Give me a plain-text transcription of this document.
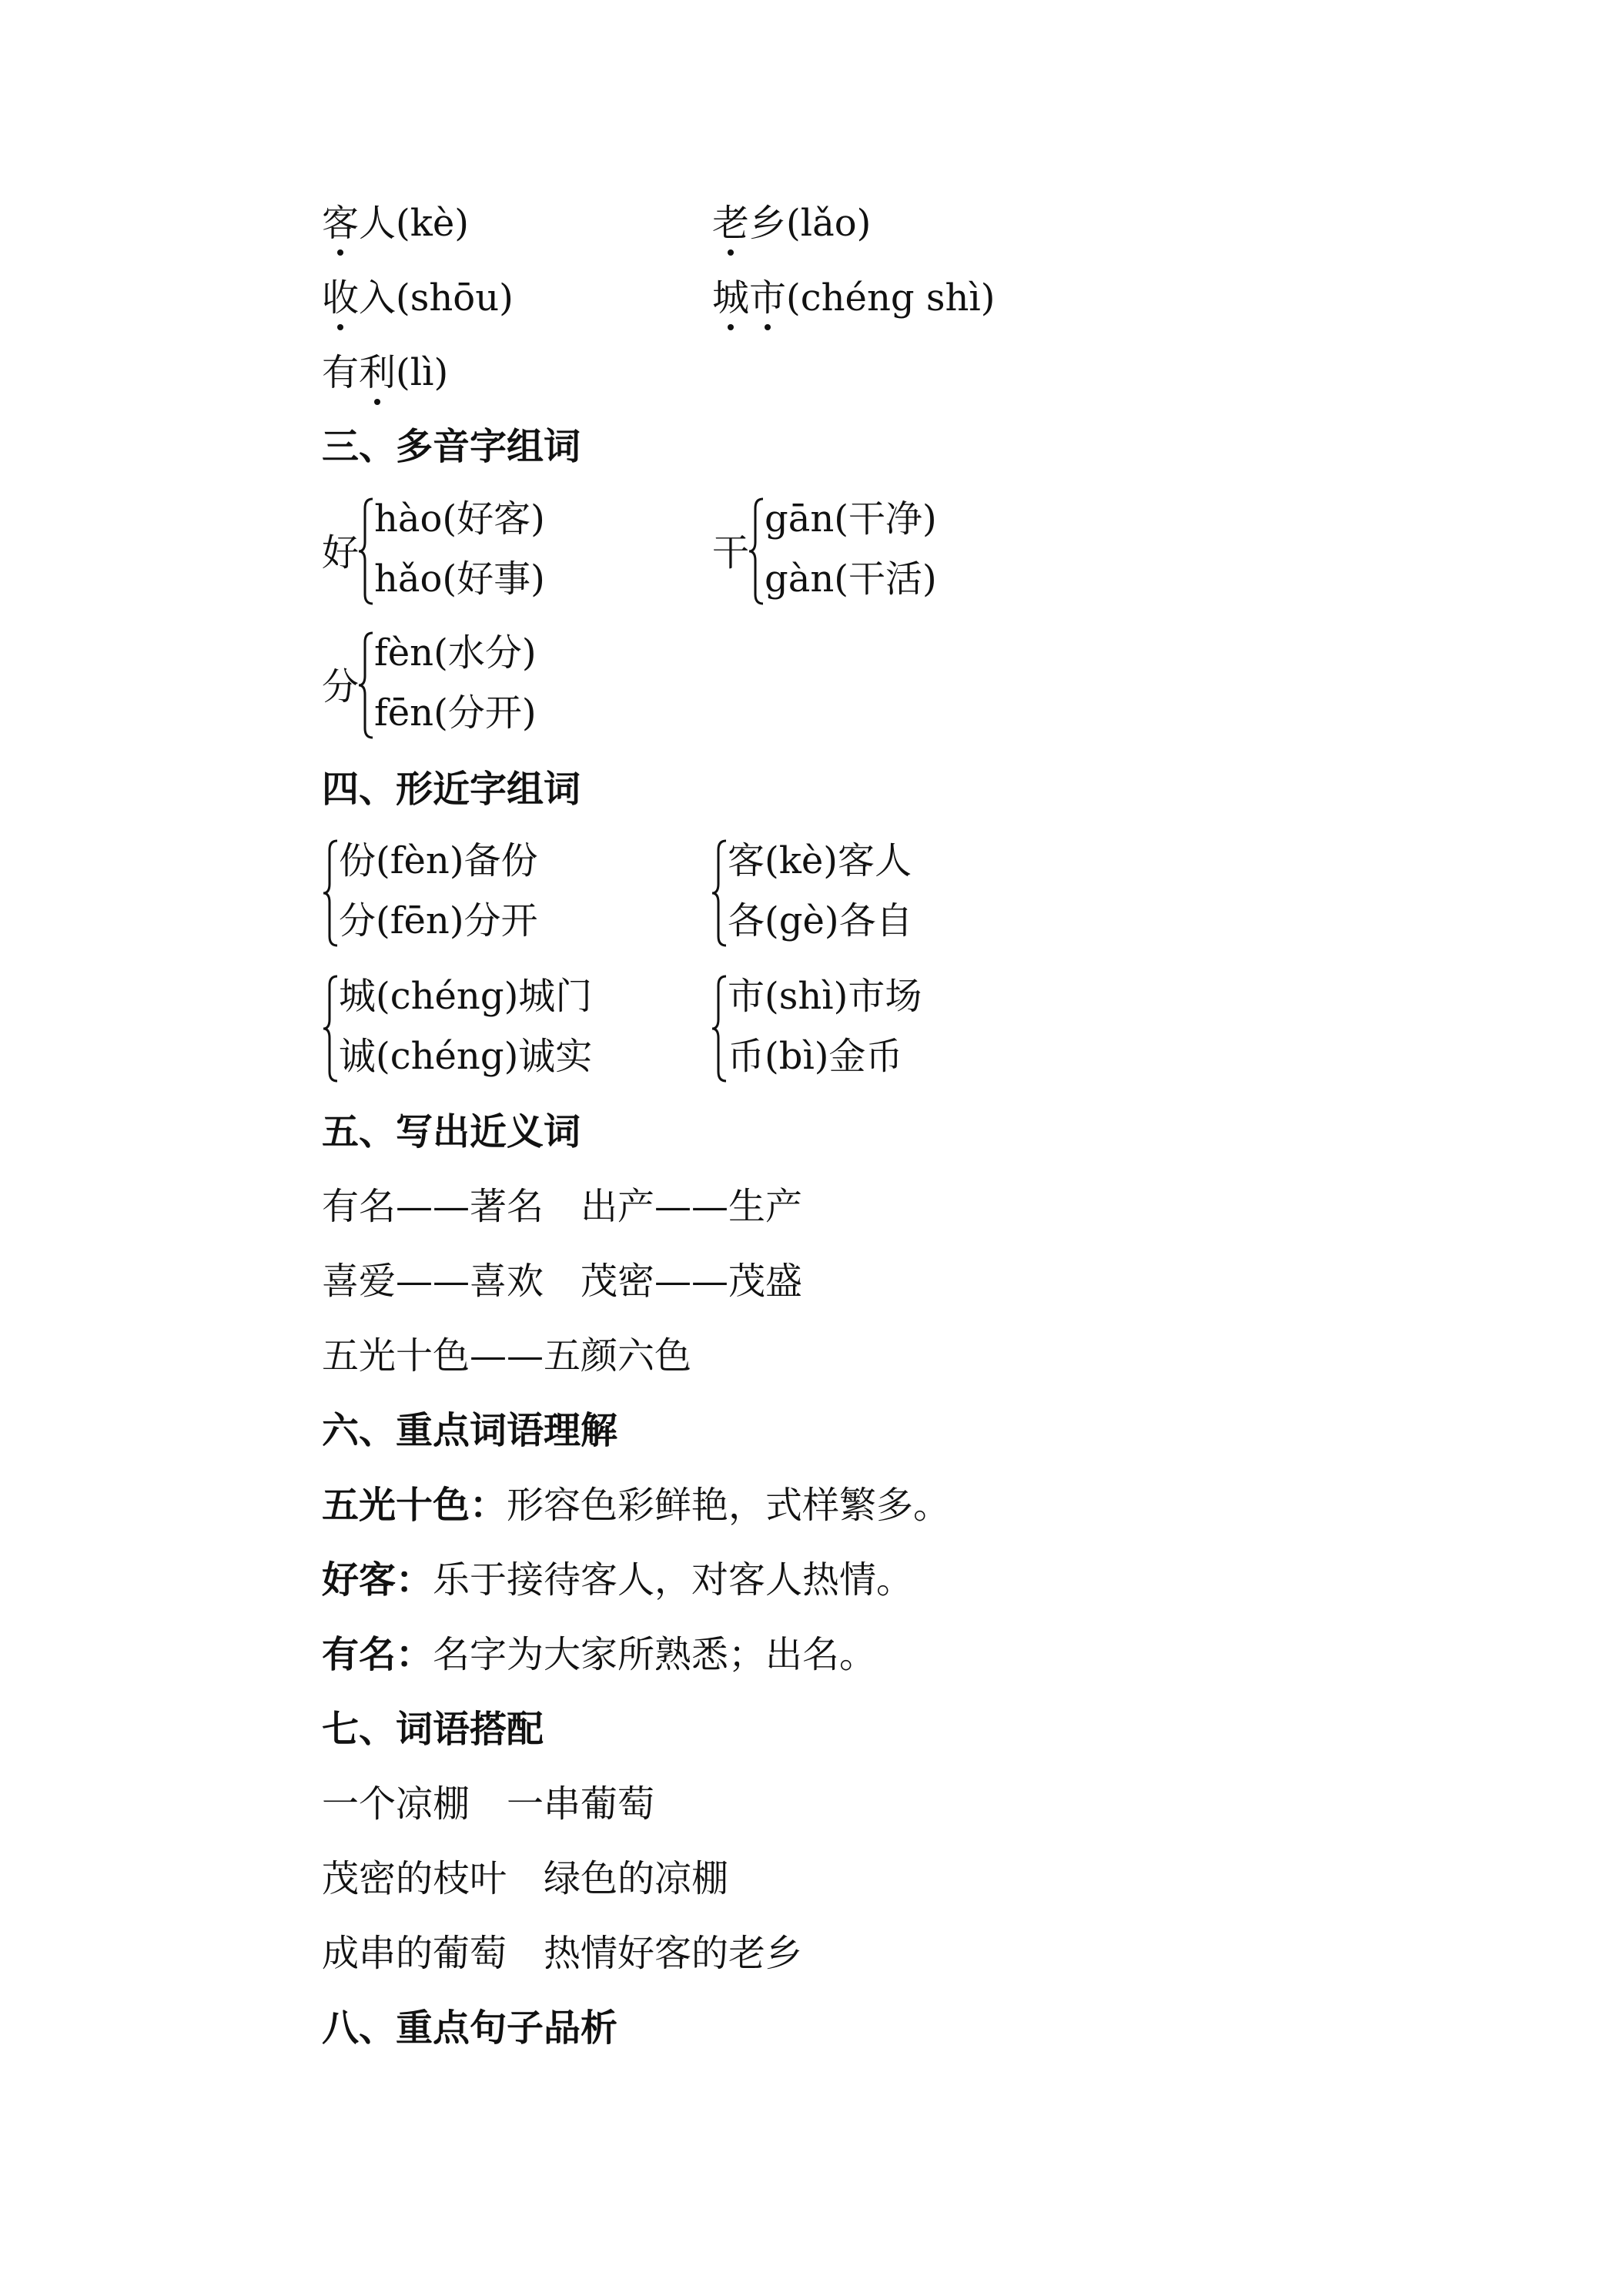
客人(kè)	老乡(lǎo)
收入(shōu)	城市(chéng shì)
有利(lì)
三、多音字组词
好
hào(好客)
hǎo(好事)
干
gān(干净)
gàn(干活)
分
fèn(水分)
fēn(分开)
四、形近字组词
份(fèn)备份
分(fēn)分开
客(kè)客人
各(gè)各自
城(chéng)城门
诚(chéng)诚实
市(shì)市场
币(bì)金币
五、写出近义词
有名——著名　出产——生产
喜爱——喜欢　茂密——茂盛
五光十色——五颜六色
六、重点词语理解
五光十色：形容色彩鲜艳，式样繁多。
好客：乐于接待客人，对客人热情。
有名：名字为大家所熟悉；出名。
七、词语搭配
一个凉棚　一串葡萄
茂密的枝叶　绿色的凉棚
成串的葡萄　热情好客的老乡
八、重点句子品析
